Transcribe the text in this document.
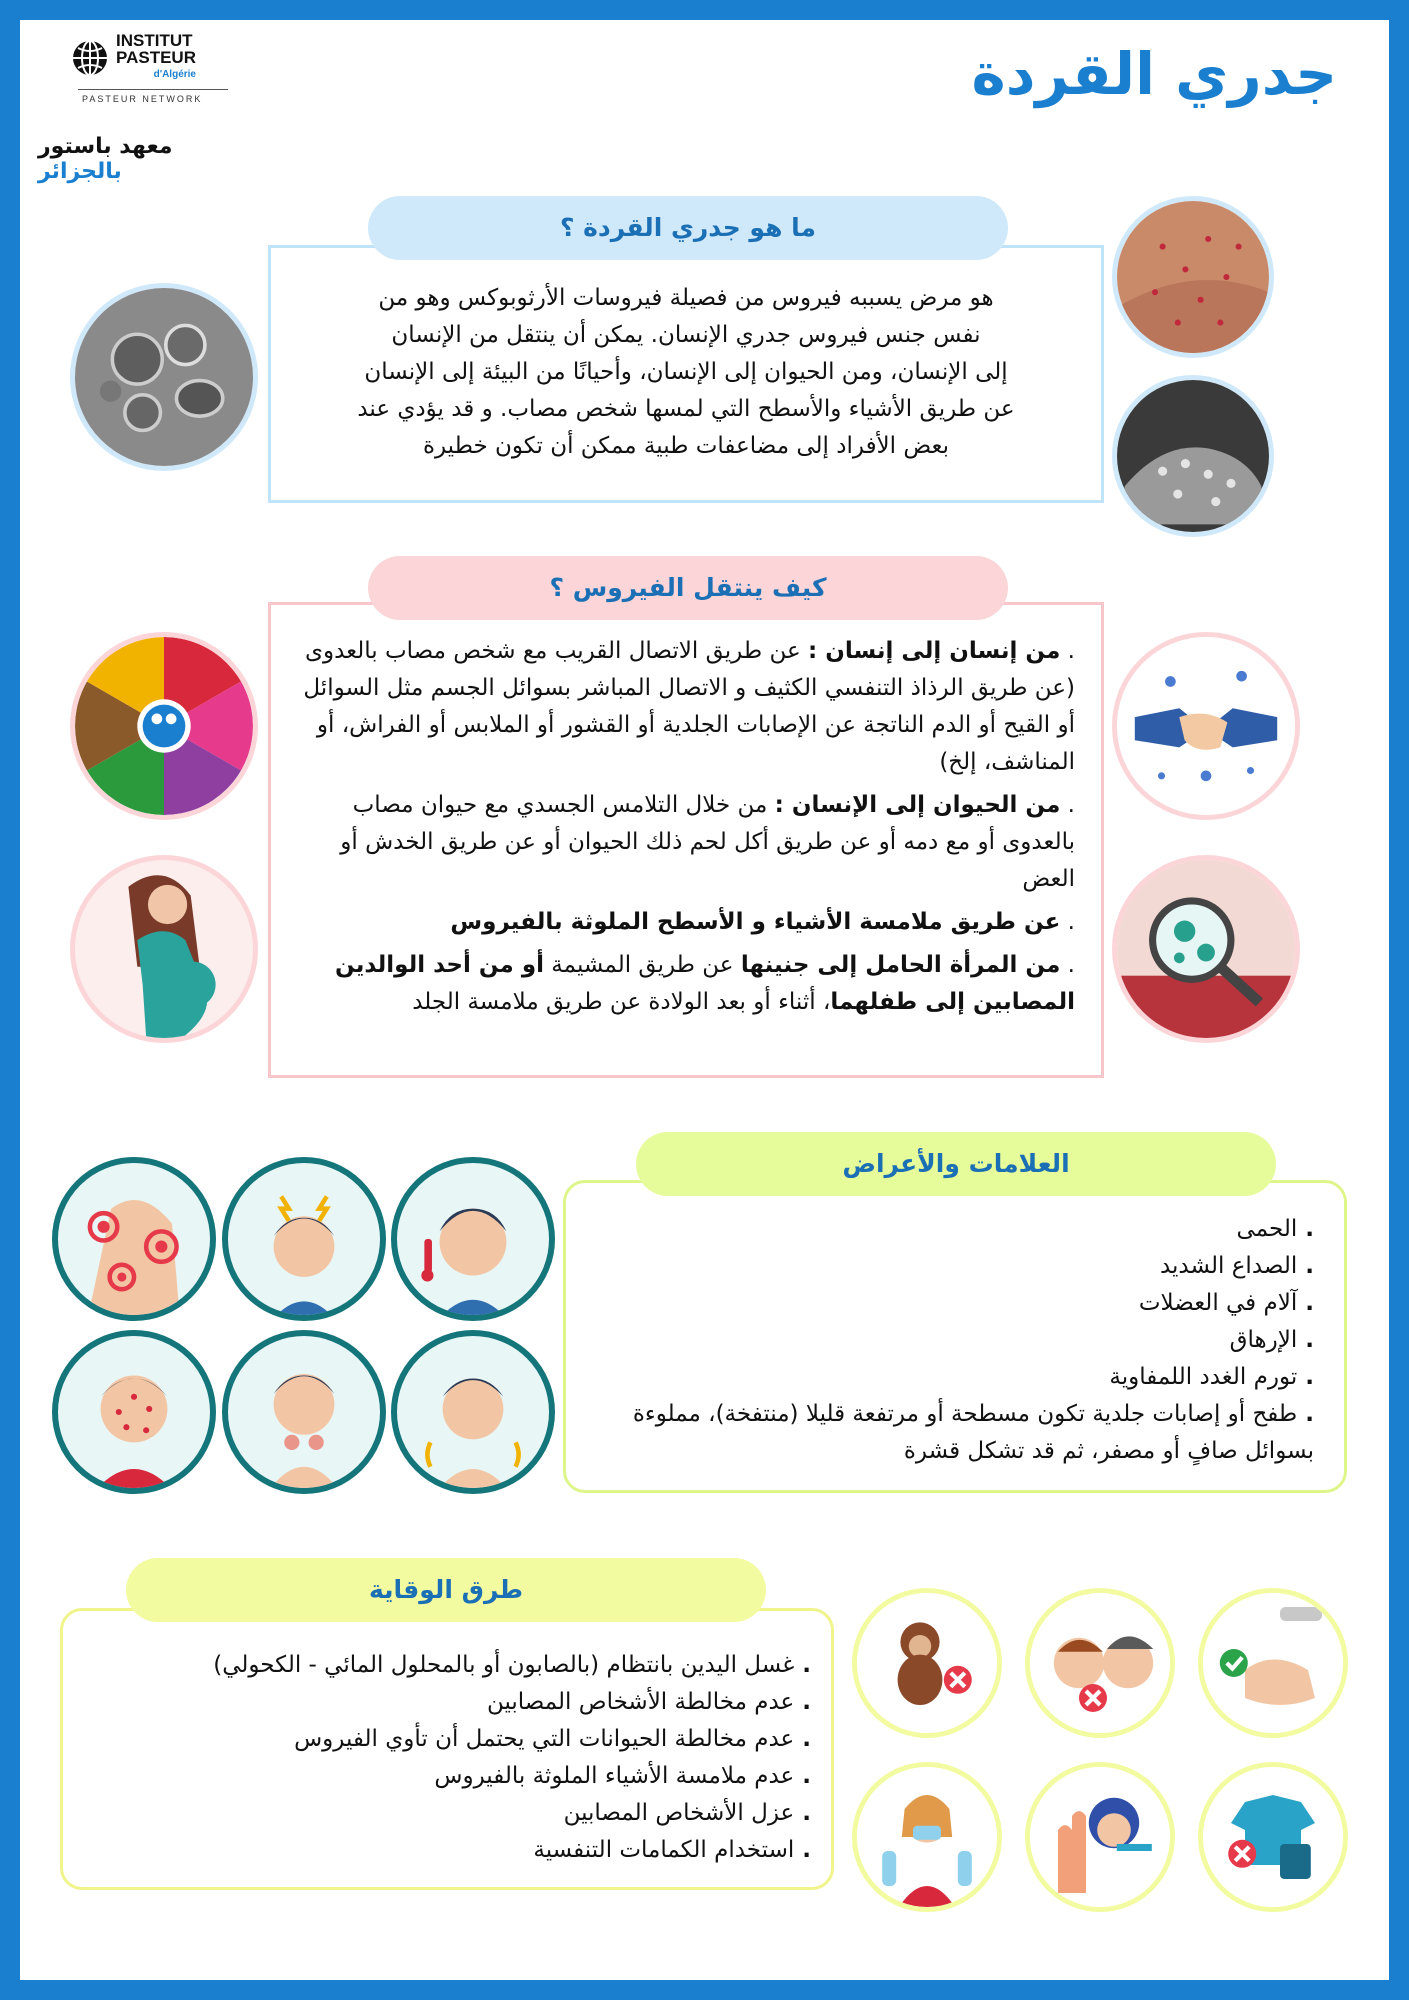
INSTITUT
PASTEUR
d'Algérie
PASTEUR NETWORK
معهد باستور بالجزائر
جدري القردة
هو مرض يسببه فيروس من فصيلة فيروسات الأرثوبوكس وهو من
نفس جنس فيروس جدري الإنسان. يمكن أن ينتقل من الإنسان
إلى الإنسان، ومن الحيوان إلى الإنسان، وأحيانًا من البيئة إلى الإنسان
عن طريق الأشياء والأسطح التي لمسها شخص مصاب. و قد يؤدي عند
بعض الأفراد إلى مضاعفات طبية ممكن أن تكون خطيرة
ما هو جدري القردة ؟

. من إنسان إلى إنسان : عن طريق الاتصال القريب مع شخص مصاب بالعدوى (عن طريق الرذاذ التنفسي الكثيف و الاتصال المباشر بسوائل الجسم مثل السوائل أو القيح أو الدم الناتجة عن الإصابات الجلدية أو القشور أو الملابس أو الفراش، أو المناشف، إلخ)

. من الحيوان إلى الإنسان : من خلال التلامس الجسدي مع حيوان مصاب بالعدوى أو مع دمه أو عن طريق أكل لحم ذلك الحيوان أو عن طريق الخدش أو العض

. عن طريق ملامسة الأشياء و الأسطح الملوثة بالفيروس

. من المرأة الحامل إلى جنينها عن طريق المشيمة أو من أحد الوالدين المصابين إلى طفلهما، أثناء أو بعد الولادة عن طريق ملامسة الجلد

كيف ينتقل الفيروس ؟
. الحمى
. الصداع الشديد
. آلام في العضلات
. الإرهاق
. تورم الغدد اللمفاوية
. طفح أو إصابات جلدية تكون مسطحة أو مرتفعة قليلا (منتفخة)، مملوءة بسوائل صافٍ أو مصفر، ثم قد تشكل قشرة
العلامات والأعراض
. غسل اليدين بانتظام (بالصابون أو بالمحلول المائي - الكحولي)
. عدم مخالطة الأشخاص المصابين
. عدم مخالطة الحيوانات التي يحتمل أن تأوي الفيروس
. عدم ملامسة الأشياء الملوثة بالفيروس
. عزل الأشخاص المصابين
. استخدام الكمامات التنفسية
طرق الوقاية
